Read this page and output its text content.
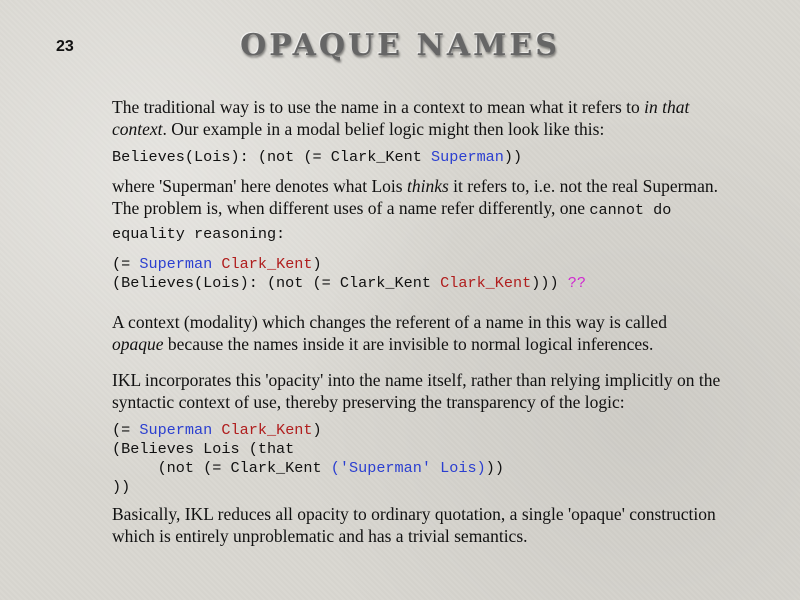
23	OPAQUE NAMES

The traditional way is to use the name in a context to mean what it refers to in that context. Our example in a modal belief logic might then look like this:

Believes(Lois): (not (= Clark_Kent Superman))

where 'Superman' here denotes what Lois thinks it refers to, i.e. not the real Superman. The problem is, when different uses of a name refer differently, one cannot do equality reasoning:

(= Superman Clark_Kent)
(Believes(Lois): (not (= Clark_Kent Clark_Kent))) ??

A context (modality) which changes the referent of a name in this way is called opaque because the names inside it are invisible to normal logical inferences.

IKL incorporates this 'opacity' into the name itself, rather than relying implicitly on the syntactic context of use, thereby preserving the transparency of the logic:

(= Superman Clark_Kent)
(Believes Lois (that
(not (= Clark_Kent ('Superman' Lois)))
))

Basically, IKL reduces all opacity to ordinary quotation, a single 'opaque' construction which is entirely unproblematic and has a trivial semantics.
